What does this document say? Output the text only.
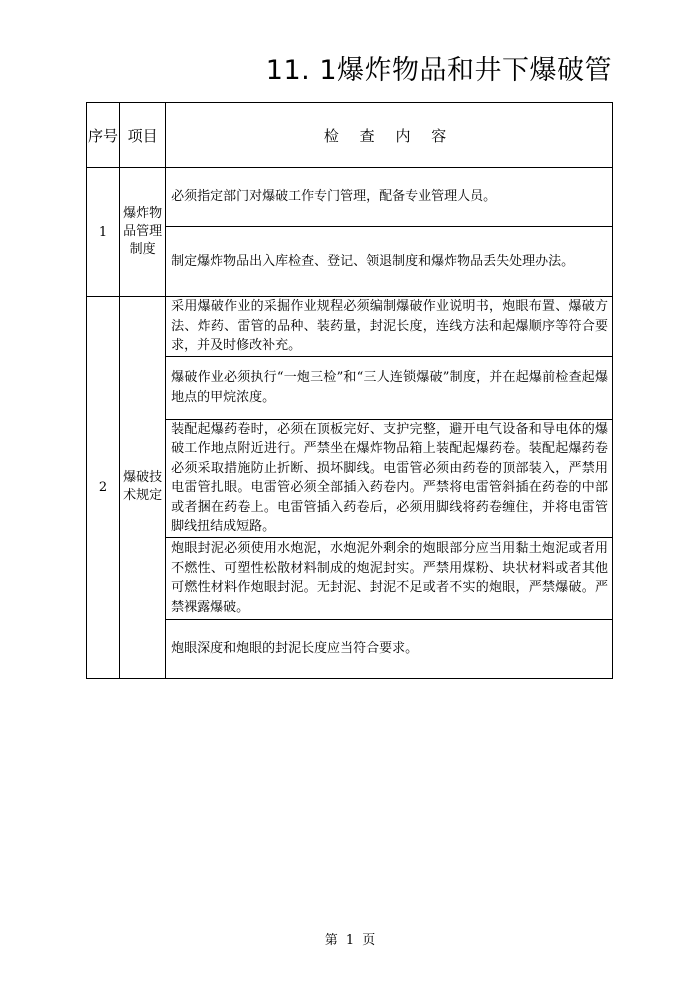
11. 1爆炸物品和井下爆破管
序号	项目	检 查 内 容
1	爆炸物品管理制度	必须指定部门对爆破工作专门管理，配备专业管理人员。
		制定爆炸物品出入库检查、登记、领退制度和爆炸物品丢失处理办法。
2	爆破技术规定	采用爆破作业的采掘作业规程必须编制爆破作业说明书，炮眼布置、爆破方法、炸药、雷管的品种、装药量，封泥长度，连线方法和起爆顺序等符合要求，并及时修改补充。
		爆破作业必须执行“一炮三检”和“三人连锁爆破”制度，并在起爆前检查起爆地点的甲烷浓度。
		装配起爆药卷时，必须在顶板完好、支护完整，避开电气设备和导电体的爆破工作地点附近进行。严禁坐在爆炸物品箱上装配起爆药卷。装配起爆药卷必须采取措施防止折断、损坏脚线。电雷管必须由药卷的顶部装入，严禁用电雷管扎眼。电雷管必须全部插入药卷内。严禁将电雷管斜插在药卷的中部或者捆在药卷上。电雷管插入药卷后，必须用脚线将药卷缠住，并将电雷管脚线扭结成短路。
		炮眼封泥必须使用水炮泥，水炮泥外剩余的炮眼部分应当用黏土炮泥或者用不燃性、可塑性松散材料制成的炮泥封实。严禁用煤粉、块状材料或者其他可燃性材料作炮眼封泥。无封泥、封泥不足或者不实的炮眼，严禁爆破。严禁裸露爆破。
		炮眼深度和炮眼的封泥长度应当符合要求。
第 1 页
